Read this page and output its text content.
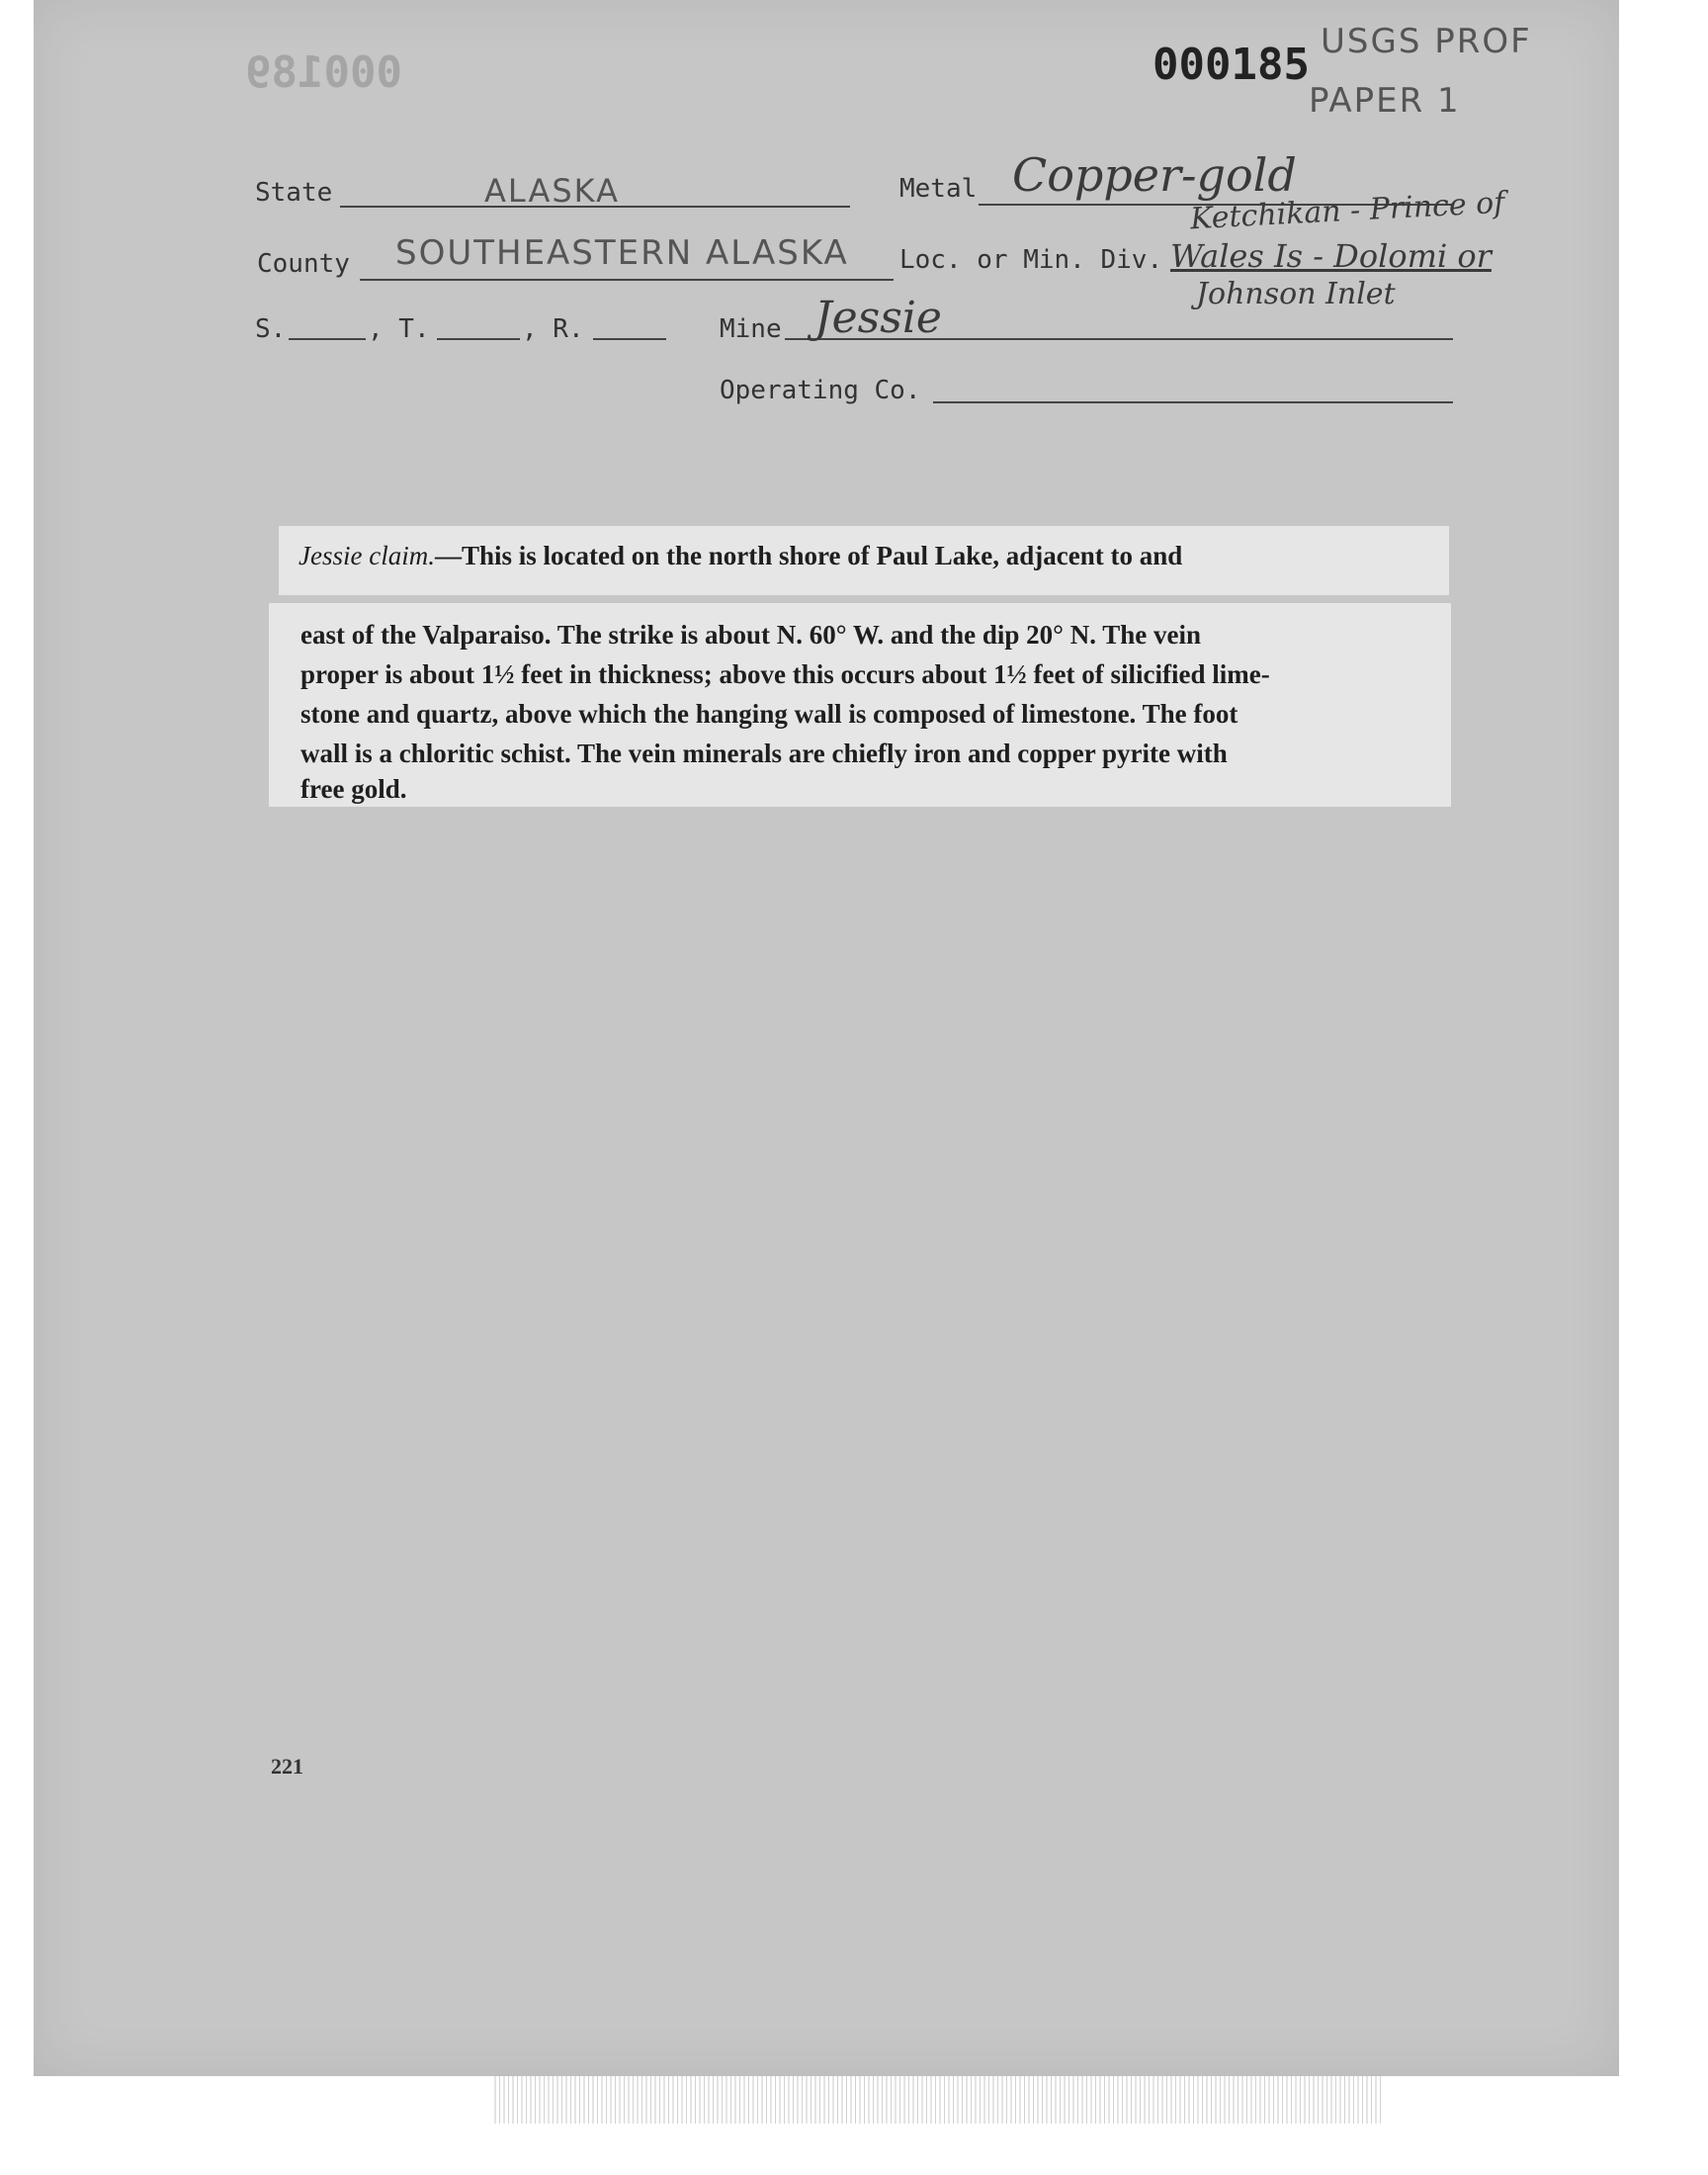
000189	000185 USGS PROF
PAPER 1
State	ALASKA	Metal Copper-gold
County SOUTHEASTERN ALASKA Loc. or Min. Div.
Ketchikan - Prince of
Wales Is - Dolomi or
Johnson Inlet
S.	, T.	, R.	Mine Jessie
Operating Co.
Jessie claim.—This is located on the north shore of Paul Lake, adjacent to and
east of the Valparaiso. The strike is about N. 60° W. and the dip 20° N. The vein
proper is about 1½ feet in thickness; above this occurs about 1½ feet of silicified lime-
stone and quartz, above which the hanging wall is composed of limestone. The foot
wall is a chloritic schist. The vein minerals are chiefly iron and copper pyrite with
free gold.
221
